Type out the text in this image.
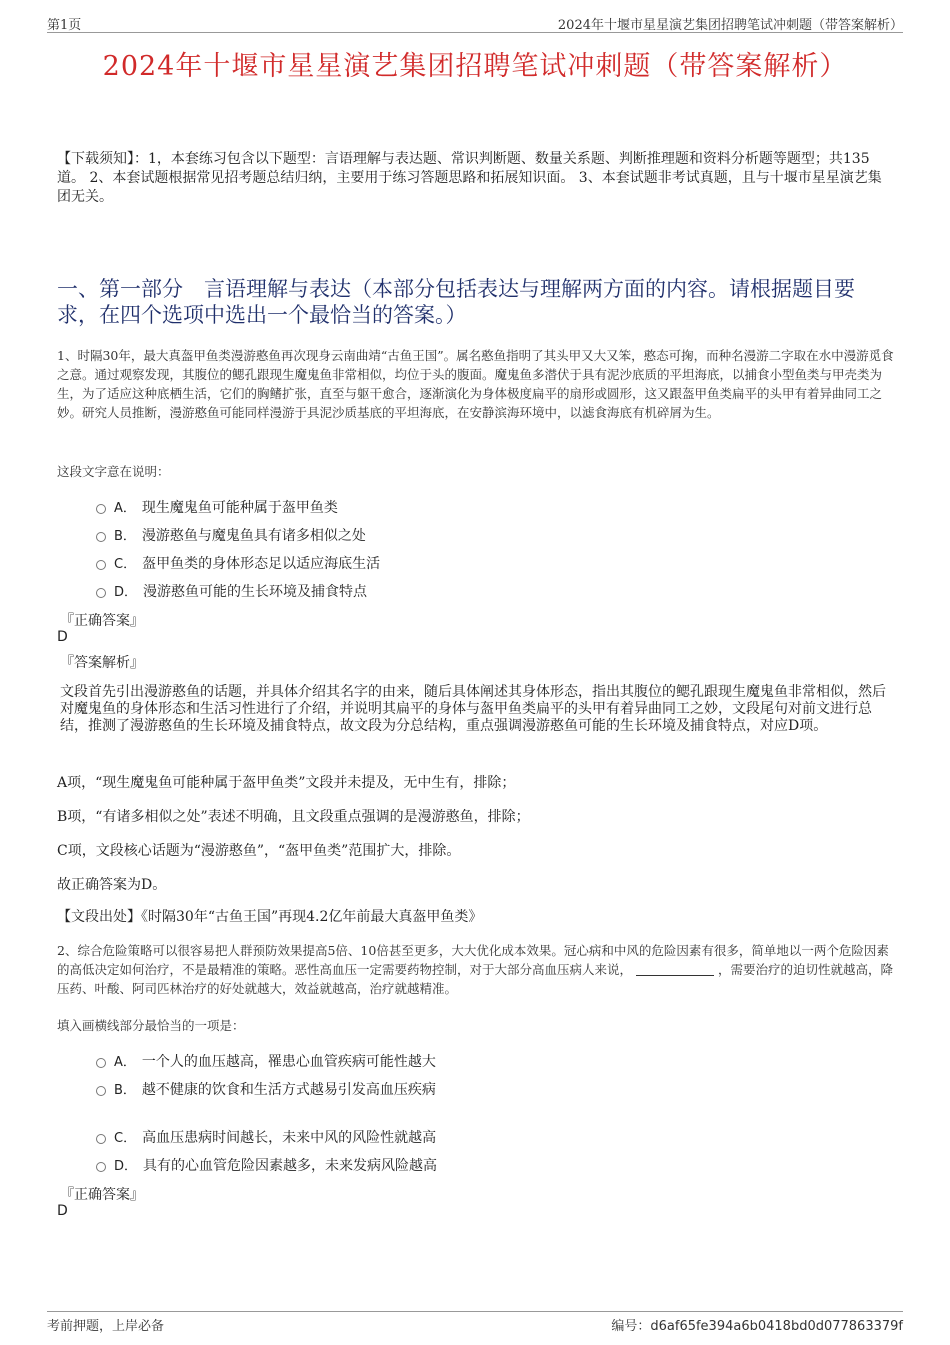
第1页	2024年十堰市星星演艺集团招聘笔试冲刺题（带答案解析）
2024年十堰市星星演艺集团招聘笔试冲刺题（带答案解析）
【下载须知】：1，本套练习包含以下题型：言语理解与表达题、常识判断题、数量关系题、判断推理题和资料分析题等题型；共135道。 2、本套试题根据常见招考题总结归纳，主要用于练习答题思路和拓展知识面。 3、本套试题非考试真题，且与十堰市星星演艺集团无关。
一、第一部分　言语理解与表达（本部分包括表达与理解两方面的内容。请根据题目要求，在四个选项中选出一个最恰当的答案。）
1、时隔30年，最大真盔甲鱼类漫游憨鱼再次现身云南曲靖“古鱼王国”。属名憨鱼指明了其头甲又大又笨，憨态可掬，而种名漫游二字取在水中漫游觅食之意。通过观察发现，其腹位的鳃孔跟现生魔鬼鱼非常相似，均位于头的腹面。魔鬼鱼多潜伏于具有泥沙底质的平坦海底，以捕食小型鱼类与甲壳类为生，为了适应这种底栖生活，它们的胸鳍扩张，直至与躯干愈合，逐渐演化为身体极度扁平的扇形或圆形，这又跟盔甲鱼类扁平的头甲有着异曲同工之妙。研究人员推断，漫游憨鱼可能同样漫游于具泥沙质基底的平坦海底，在安静滨海环境中，以滤食海底有机碎屑为生。
这段文字意在说明：
A． 现生魔鬼鱼可能种属于盔甲鱼类
B． 漫游憨鱼与魔鬼鱼具有诸多相似之处
C． 盔甲鱼类的身体形态足以适应海底生活
D． 漫游憨鱼可能的生长环境及捕食特点
『正确答案』
D
『答案解析』
文段首先引出漫游憨鱼的话题，并具体介绍其名字的由来，随后具体阐述其身体形态，指出其腹位的鳃孔跟现生魔鬼鱼非常相似，然后对魔鬼鱼的身体形态和生活习性进行了介绍，并说明其扁平的身体与盔甲鱼类扁平的头甲有着异曲同工之妙，文段尾句对前文进行总结，推测了漫游憨鱼的生长环境及捕食特点，故文段为分总结构，重点强调漫游憨鱼可能的生长环境及捕食特点，对应D项。
A项，“现生魔鬼鱼可能种属于盔甲鱼类”文段并未提及，无中生有，排除；
B项，“有诸多相似之处”表述不明确，且文段重点强调的是漫游憨鱼，排除；
C项，文段核心话题为“漫游憨鱼”，“盔甲鱼类”范围扩大，排除。
故正确答案为D。
【文段出处】《时隔30年“古鱼王国”再现4.2亿年前最大真盔甲鱼类》
2、综合危险策略可以很容易把人群预防效果提高5倍、10倍甚至更多，大大优化成本效果。冠心病和中风的危险因素有很多，简单地以一两个危险因素的高低决定如何治疗，不是最精准的策略。恶性高血压一定需要药物控制，对于大部分高血压病人来说，	，需要治疗的迫切性就越高，降压药、叶酸、阿司匹林治疗的好处就越大，效益就越高，治疗就越精准。
填入画横线部分最恰当的一项是：
A． 一个人的血压越高，罹患心血管疾病可能性越大
B． 越不健康的饮食和生活方式越易引发高血压疾病
C． 高血压患病时间越长，未来中风的风险性就越高
D． 具有的心血管危险因素越多，未来发病风险越高
『正确答案』
D
考前押题，上岸必备	编号：d6af65fe394a6b0418bd0d077863379f
